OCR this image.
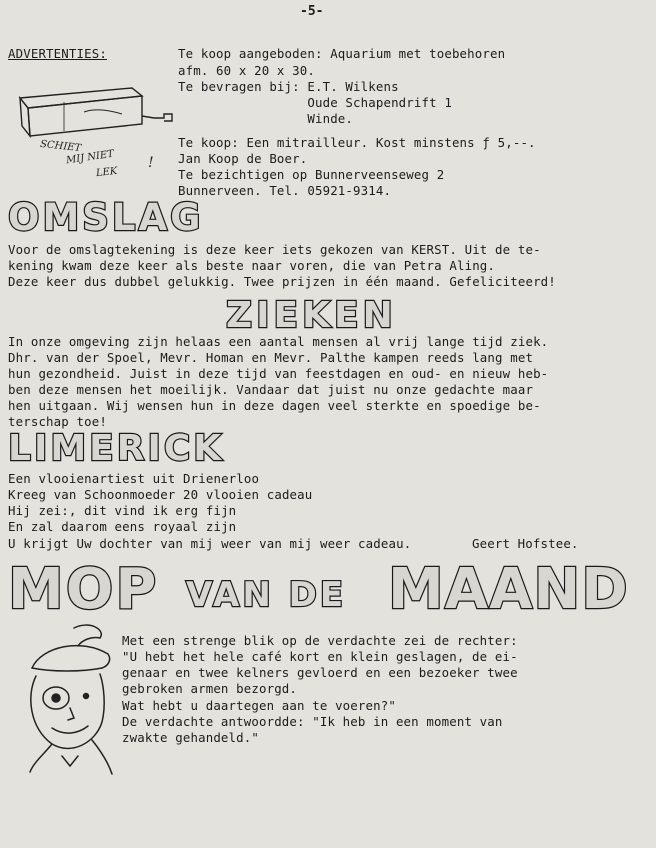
-5-
ADVERTENTIES:	Te koop aangeboden: Aquarium met toebehoren
afm. 60 x 20 x 30.
Te bevragen bij: E.T. Wilkens
Oude Schapendrift 1
Winde.
SCHIET
MIJ NIET
LEK
!
Te koop: Een mitrailleur. Kost minstens ƒ 5,--.
Jan Koop de Boer.
Te bezichtigen op Bunnerveenseweg 2
Bunnerveen. Tel. 05921-9314.
OMSLAG
Voor de omslagtekening is deze keer iets gekozen van KERST. Uit de te-
kening kwam deze keer als beste naar voren, die van Petra Aling.
Deze keer dus dubbel gelukkig. Twee prijzen in één maand. Gefeliciteerd!
ZIEKEN
In onze omgeving zijn helaas een aantal mensen al vrij lange tijd ziek.
Dhr. van der Spoel, Mevr. Homan en Mevr. Palthe kampen reeds lang met
hun gezondheid. Juist in deze tijd van feestdagen en oud- en nieuw heb-
ben deze mensen het moeilijk. Vandaar dat juist nu onze gedachte maar
hen uitgaan. Wij wensen hun in deze dagen veel sterkte en spoedige be-
terschap toe!
LIMERICK
Een vlooienartiest uit Drienerloo
Kreeg van Schoonmoeder 20 vlooien cadeau
Hij zei:, dit vind ik erg fijn
En zal daarom eens royaal zijn
U krijgt Uw dochter van mij weer van mij weer cadeau.	Geert Hofstee.
MOP VAN DE MAAND
Met een strenge blik op de verdachte zei de rechter:
"U hebt het hele café kort en klein geslagen, de ei-
genaar en twee kelners gevloerd en een bezoeker twee
gebroken armen bezorgd.
Wat hebt u daartegen aan te voeren?"
De verdachte antwoordde: "Ik heb in een moment van
zwakte gehandeld."
